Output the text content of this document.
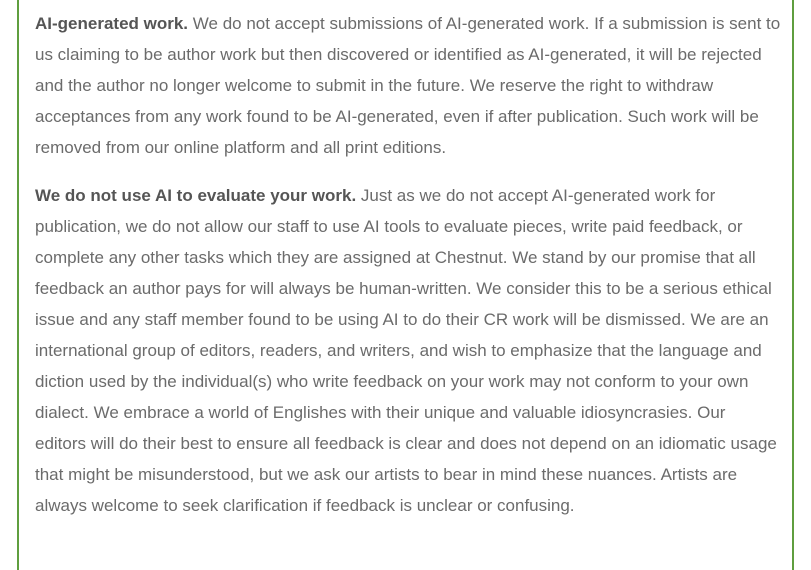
AI-generated work. We do not accept submissions of AI-generated work. If a submission is sent to us claiming to be author work but then discovered or identified as AI-generated, it will be rejected and the author no longer welcome to submit in the future. We reserve the right to withdraw acceptances from any work found to be AI-generated, even if after publication. Such work will be removed from our online platform and all print editions.

We do not use AI to evaluate your work. Just as we do not accept AI-generated work for publication, we do not allow our staff to use AI tools to evaluate pieces, write paid feedback, or complete any other tasks which they are assigned at Chestnut. We stand by our promise that all feedback an author pays for will always be human-written. We consider this to be a serious ethical issue and any staff member found to be using AI to do their CR work will be dismissed. We are an international group of editors, readers, and writers, and wish to emphasize that the language and diction used by the individual(s) who write feedback on your work may not conform to your own dialect. We embrace a world of Englishes with their unique and valuable idiosyncrasies. Our editors will do their best to ensure all feedback is clear and does not depend on an idiomatic usage that might be misunderstood, but we ask our artists to bear in mind these nuances. Artists are always welcome to seek clarification if feedback is unclear or confusing.
